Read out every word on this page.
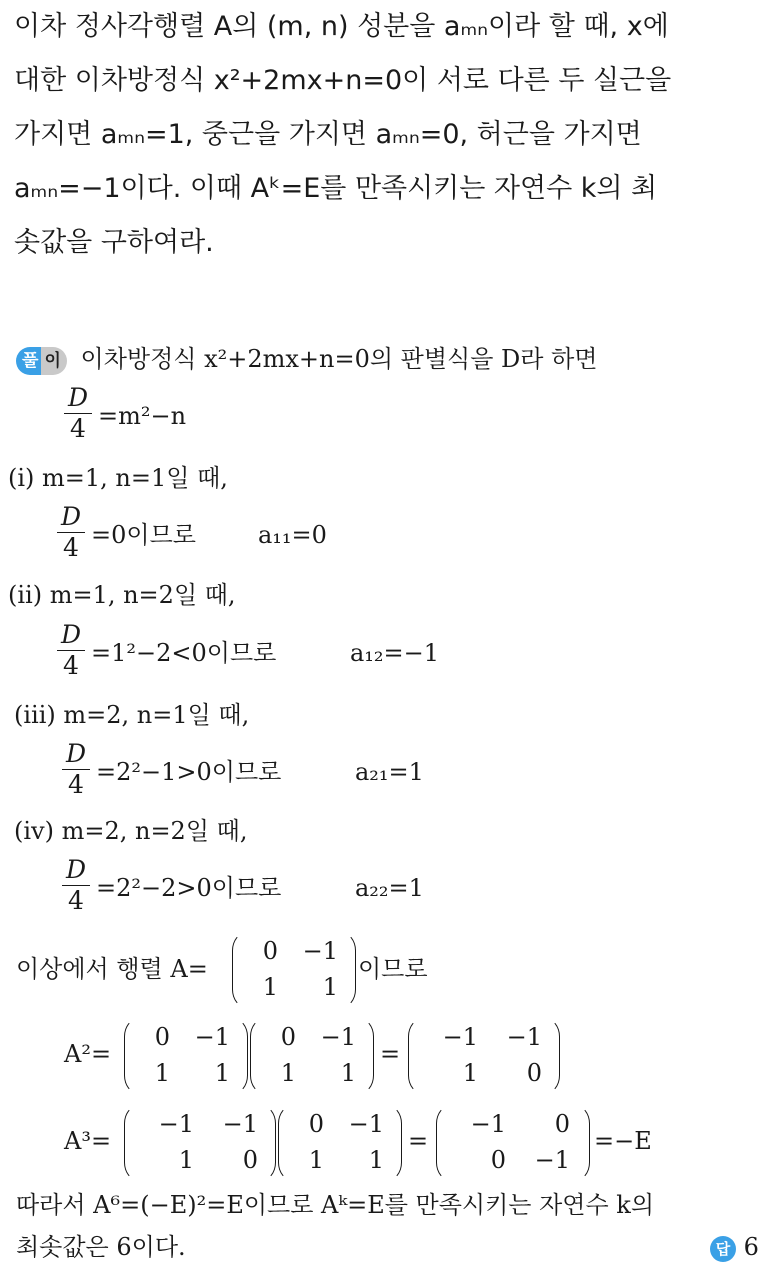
이차 정사각행렬 A의 (m, n) 성분을 aₘₙ이라 할 때, x에
대한 이차방정식 x²+2mx+n=0이 서로 다른 두 실근을
가지면 aₘₙ=1, 중근을 가지면 aₘₙ=0, 허근을 가지면
aₘₙ=−1이다. 이때 Aᵏ=E를 만족시키는 자연수 k의 최
솟값을 구하여라.
풀 이 이차방정식 x²+2mx+n=0의 판별식을 D라 하면
D
4 =m²−n
(ⅰ) m=1, n=1일 때,
D
4 =0이므로	a₁₁=0
(ⅱ) m=1, n=2일 때,
D
4 =1²−2<0이므로	a₁₂=−1
(ⅲ) m=2, n=1일 때,
D
4 =2²−1>0이므로	a₂₁=1
(ⅳ) m=2, n=2일 때,
D
4 =2²−2>0이므로	a₂₂=1
이상에서 행렬 A=
0	−1
1	1
이므로
A²=
0	−1
1	1
0	−1
1	1
=
−1	−1
1	0
A³=
−1	−1
1	0
0	−1
1	1
=
−1	0
0	−1
=−E
따라서 A⁶=(−E)²=E이므로 Aᵏ=E를 만족시키는 자연수 k의
최솟값은 6이다.	답 6
